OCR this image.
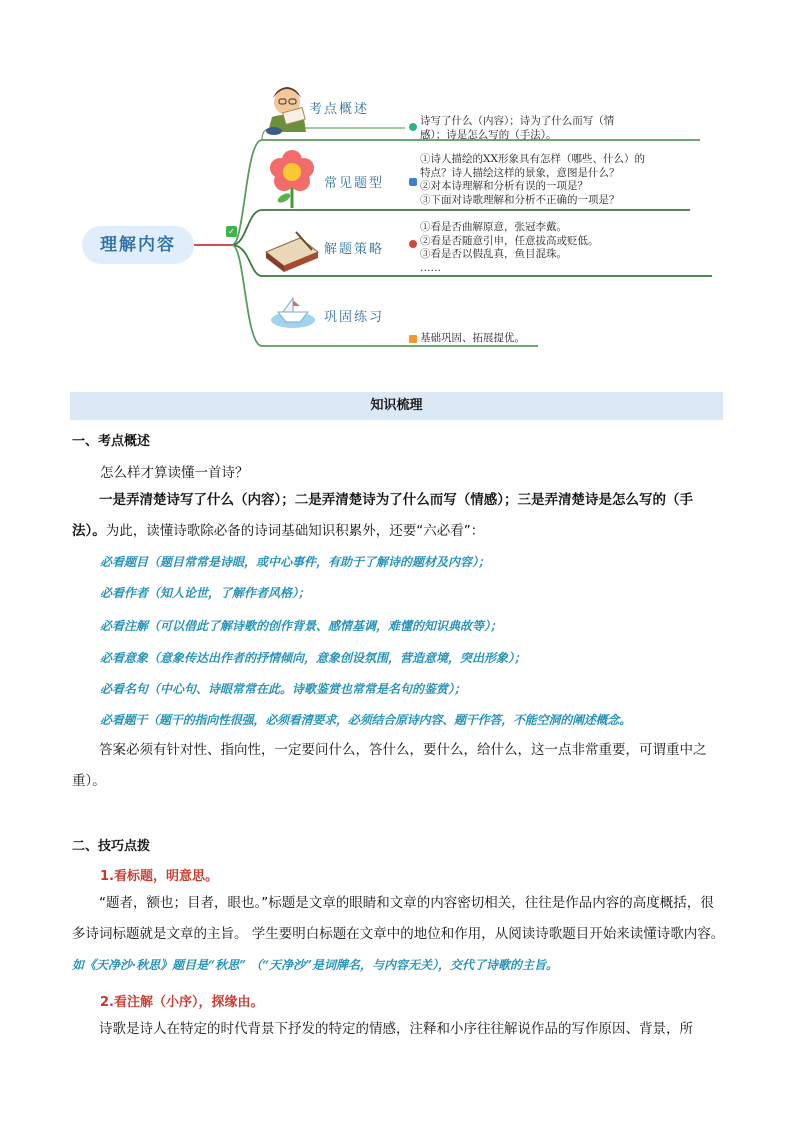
理解内容
✓
考点概述
常见题型
解题策略
巩固练习
诗写了什么（内容）；诗为了什么而写（情
感）；诗是怎么写的（手法）。
①诗人描绘的XX形象具有怎样（哪些、什么）的
特点？诗人描绘这样的景象，意图是什么？
②对本诗理解和分析有误的一项是？
③下面对诗歌理解和分析不正确的一项是？
①看是否曲解原意，张冠李戴。
②看是否随意引申，任意拔高或贬低。
③看是否以假乱真，鱼目混珠。
……
基础巩固、拓展提优。
知识梳理
一、考点概述
怎么样才算读懂一首诗？
一是弄清楚诗写了什么（内容）；二是弄清楚诗为了什么而写（情感）；三是弄清楚诗是怎么写的（手法）。为此，读懂诗歌除必备的诗词基础知识积累外，还要“六必看”：
必看题目（题目常常是诗眼，或中心事件，有助于了解诗的题材及内容）；
必看作者（知人论世，了解作者风格）；
必看注解（可以借此了解诗歌的创作背景、感情基调，难懂的知识典故等）；
必看意象（意象传达出作者的抒情倾向，意象创设氛围，营造意境，突出形象）；
必看名句（中心句、诗眼常常在此。诗歌鉴赏也常常是名句的鉴赏）；
必看题干（题干的指向性很强，必须看清要求，必须结合原诗内容、题干作答，不能空洞的阐述概念。
答案必须有针对性、指向性，一定要问什么，答什么，要什么，给什么，这一点非常重要，可谓重中之重）。
二、技巧点拨
1.看标题，明意思。
“题者，额也；目者，眼也。”标题是文章的眼睛和文章的内容密切相关，往往是作品内容的高度概括，很多诗词标题就是文章的主旨。 学生要明白标题在文章中的地位和作用，从阅读诗歌题目开始来读懂诗歌内容。如《天净沙·秋思》题目是“秋思” （“天净沙”是词牌名，与内容无关），交代了诗歌的主旨。
2.看注解（小序），探缘由。
诗歌是诗人在特定的时代背景下抒发的特定的情感，注释和小序往往解说作品的写作原因、背景，所
